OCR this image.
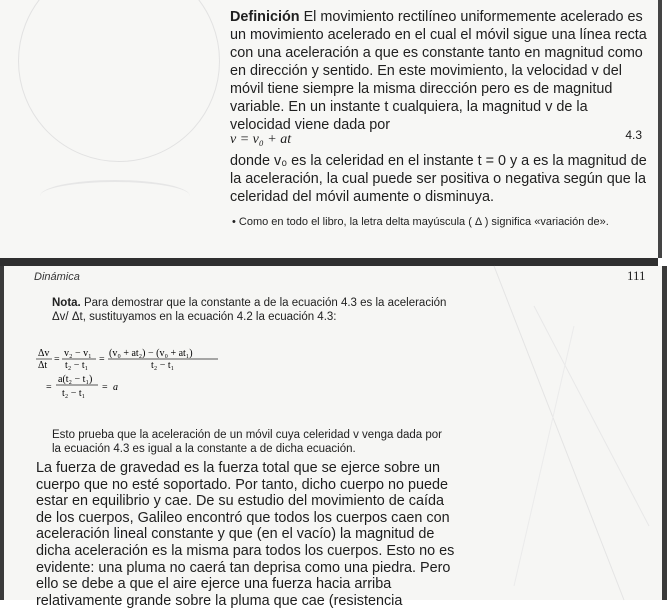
Definición El movimiento rectilíneo uniformemente acelerado es un movimiento acelerado en el cual el móvil sigue una línea recta con una aceleración a que es constante tanto en magnitud como en dirección y sentido. En este movimiento, la velocidad v del móvil tiene siempre la misma dirección pero es de magnitud variable. En un instante t cualquiera, la magnitud v de la velocidad viene dada por

v = v₀ + at	4.3
donde v₀ es la celeridad en el instante t = 0 y a es la magnitud de la aceleración, la cual puede ser positiva o negativa según que la celeridad del móvil aumente o disminuya.
• Como en todo el libro, la letra delta mayúscula ( Δ ) significa «variación de».
Dinámica	111
Nota. Para demostrar que la constante a de la ecuación 4.3 es la aceleración Δv/ Δt, sustituyamos en la ecuación 4.2 la ecuación 4.3:
Δv
Δt
=
v₂ − v₁
t₂ − t₁
=
(v₀ + at₂) − (v₀ + at₁)
t₂ − t₁
=
a(t₂ − t₁)
t₂ − t₁
= a
Esto prueba que la aceleración de un móvil cuya celeridad v venga dada por la ecuación 4.3 es igual a la constante a de dicha ecuación.

La fuerza de gravedad es la fuerza total que se ejerce sobre un cuerpo que no esté soportado. Por tanto, dicho cuerpo no puede estar en equilibrio y cae. De su estudio del movimiento de caída de los cuerpos, Galileo encontró que todos los cuerpos caen con aceleración lineal constante y que (en el vacío) la magnitud de dicha aceleración es la misma para todos los cuerpos. Esto no es evidente: una pluma no caerá tan deprisa como una piedra. Pero ello se debe a que el aire ejerce una fuerza hacia arriba relativamente grande sobre la pluma que cae (resistencia
